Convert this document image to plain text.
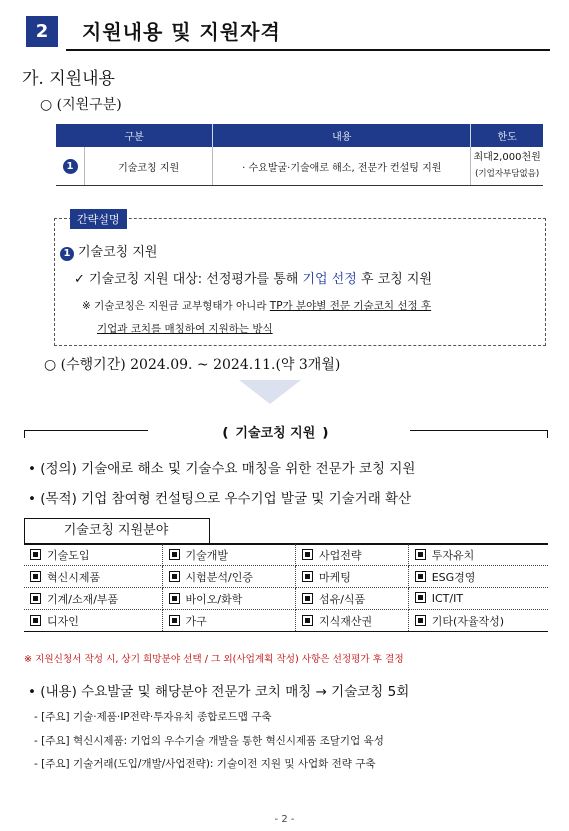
2	지원내용 및 지원자격
가. 지원내용
○ (지원구분)
구분		내용	한도
1	기술코칭 지원	· 수요발굴·기술애로 해소, 전문가 컨설팅 지원	최대2,000천원
(기업자부담없음)
간략설명
1 기술코칭 지원
✓ 기술코칭 지원 대상: 선정평가를 통해 기업 선정 후 코칭 지원
※ 기술코칭은 지원금 교부형태가 아니라 TP가 분야별 전문 기술코치 선정 후
기업과 코치를 매칭하여 지원하는 방식
○ (수행기간) 2024.09. ~ 2024.11.(약 3개월)
❪ 기술코칭 지원 ❫
• (정의) 기술애로 해소 및 기술수요 매칭을 위한 전문가 코칭 지원
• (목적) 기업 참여형 컨설팅으로 우수기업 발굴 및 기술거래 확산
기술코칭 지원분야
기술도입	기술개발	사업전략	투자유치
혁신시제품	시험분석/인증	마케팅	ESG경영
기계/소재/부품	바이오/화학	섬유/식품	ICT/IT
디자인	가구	지식재산권	기타(자율작성)
※ 지원신청서 작성 시, 상기 희망분야 선택 / 그 외(사업계획 작성) 사항은 선정평가 후 결정
• (내용) 수요발굴 및 해당분야 전문가 코치 매칭 → 기술코칭 5회
- [주요] 기술·제품·IP전략·투자유치 종합로드맵 구축
- [주요] 혁신시제품: 기업의 우수기술 개발을 통한 혁신시제품 조달기업 육성
- [주요] 기술거래(도입/개발/사업전략): 기술이전 지원 및 사업화 전략 구축
- 2 -
